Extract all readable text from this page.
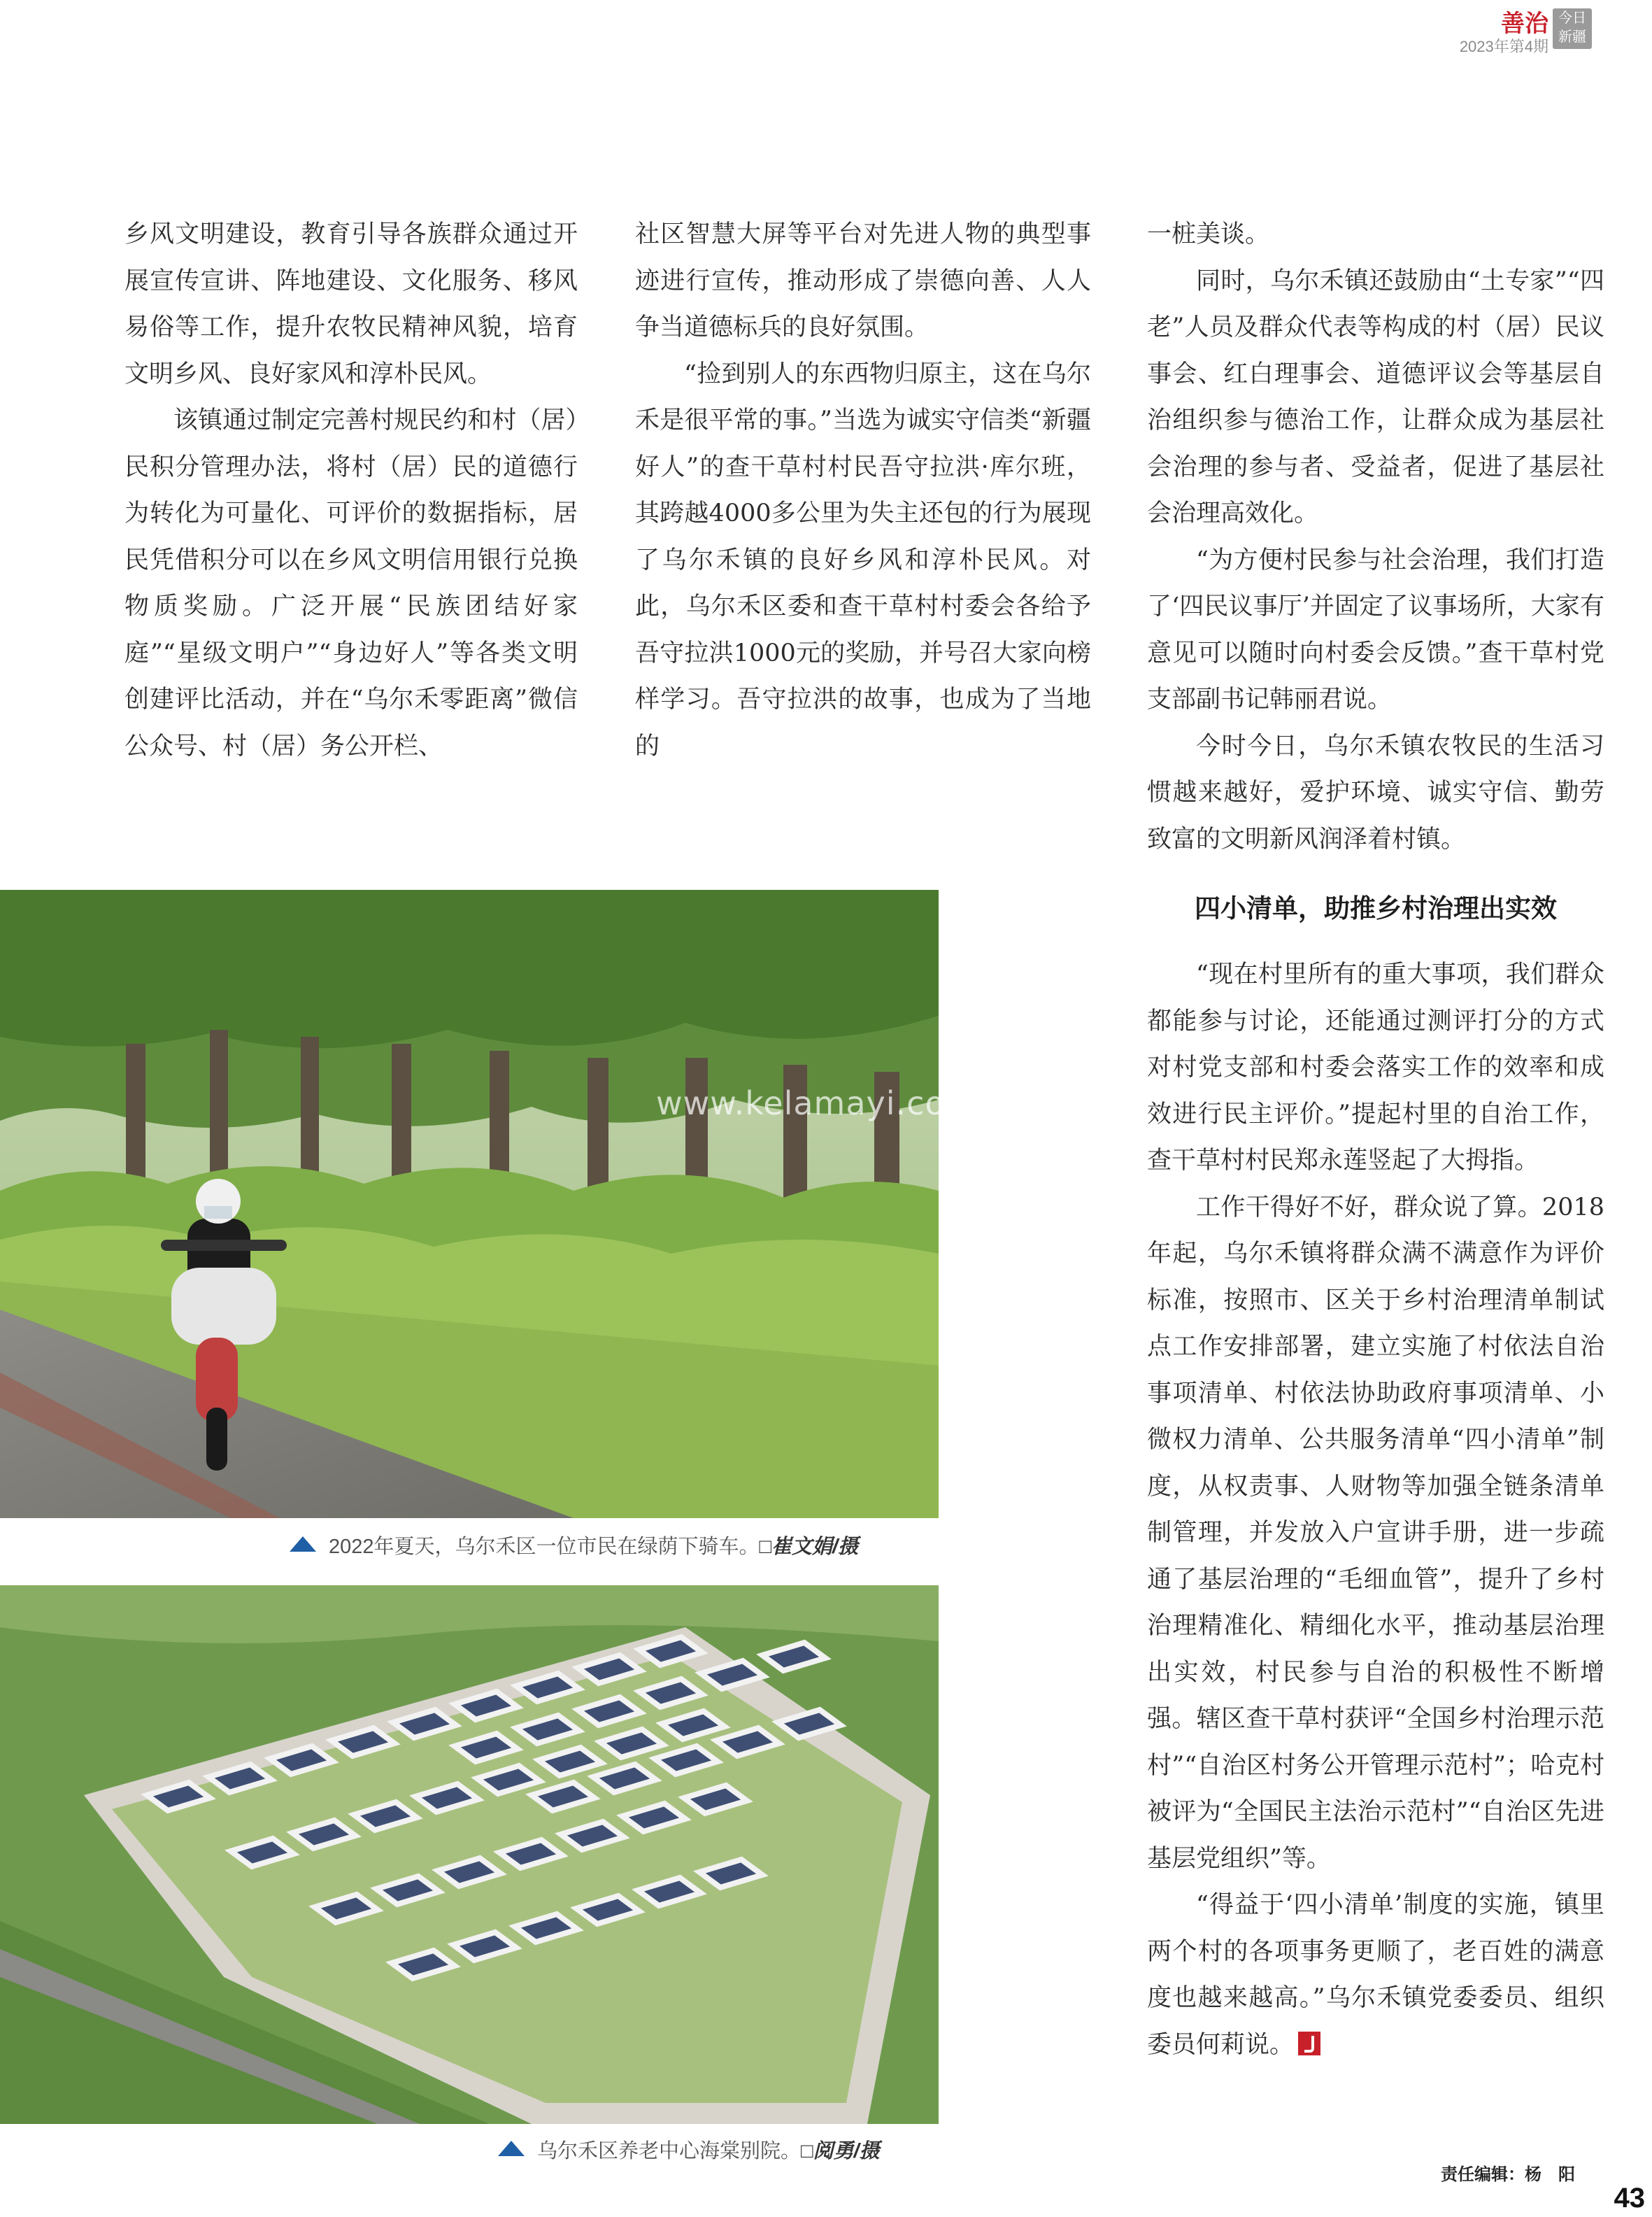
善治
2023年第4期
今日新疆

乡风文明建设，教育引导各族群众通过开展宣传宣讲、阵地建设、文化服务、移风易俗等工作，提升农牧民精神风貌，培育文明乡风、良好家风和淳朴民风。

该镇通过制定完善村规民约和村（居）民积分管理办法，将村（居）民的道德行为转化为可量化、可评价的数据指标，居民凭借积分可以在乡风文明信用银行兑换物质奖励。广泛开展“民族团结好家庭”“星级文明户”“身边好人”等各类文明创建评比活动，并在“乌尔禾零距离”微信公众号、村（居）务公开栏、

社区智慧大屏等平台对先进人物的典型事迹进行宣传，推动形成了崇德向善、人人争当道德标兵的良好氛围。

“捡到别人的东西物归原主，这在乌尔禾是很平常的事。”当选为诚实守信类“新疆好人”的查干草村村民吾守拉洪·库尔班，其跨越4000多公里为失主还包的行为展现了乌尔禾镇的良好乡风和淳朴民风。对此，乌尔禾区委和查干草村村委会各给予吾守拉洪1000元的奖励，并号召大家向榜样学习。吾守拉洪的故事，也成为了当地的

一桩美谈。

同时，乌尔禾镇还鼓励由“土专家”“四老”人员及群众代表等构成的村（居）民议事会、红白理事会、道德评议会等基层自治组织参与德治工作，让群众成为基层社会治理的参与者、受益者，促进了基层社会治理高效化。

“为方便村民参与社会治理，我们打造了‘四民议事厅’并固定了议事场所，大家有意见可以随时向村委会反馈。”查干草村党支部副书记韩丽君说。

今时今日，乌尔禾镇农牧民的生活习惯越来越好，爱护环境、诚实守信、勤劳致富的文明新风润泽着村镇。

四小清单，助推乡村治理出实效

“现在村里所有的重大事项，我们群众都能参与讨论，还能通过测评打分的方式对村党支部和村委会落实工作的效率和成效进行民主评价。”提起村里的自治工作，查干草村村民郑永莲竖起了大拇指。

工作干得好不好，群众说了算。2018年起，乌尔禾镇将群众满不满意作为评价标准，按照市、区关于乡村治理清单制试点工作安排部署，建立实施了村依法自治事项清单、村依法协助政府事项清单、小微权力清单、公共服务清单“四小清单”制度，从权责事、人财物等加强全链条清单制管理，并发放入户宣讲手册，进一步疏通了基层治理的“毛细血管”，提升了乡村治理精准化、精细化水平，推动基层治理出实效，村民参与自治的积极性不断增强。辖区查干草村获评“全国乡村治理示范村”“自治区村务公开管理示范村”；哈克村被评为“全国民主法治示范村”“自治区先进基层党组织”等。

“得益于‘四小清单’制度的实施，镇里两个村的各项事务更顺了，老百姓的满意度也越来越高。”乌尔禾镇党委委员、组织委员何莉说。

www.kelamayi.com.cn
2022年夏天，乌尔禾区一位市民在绿荫下骑车。□崔文娟/摄
乌尔禾区养老中心海棠别院。□阅勇/摄
责任编辑：杨　阳
43
